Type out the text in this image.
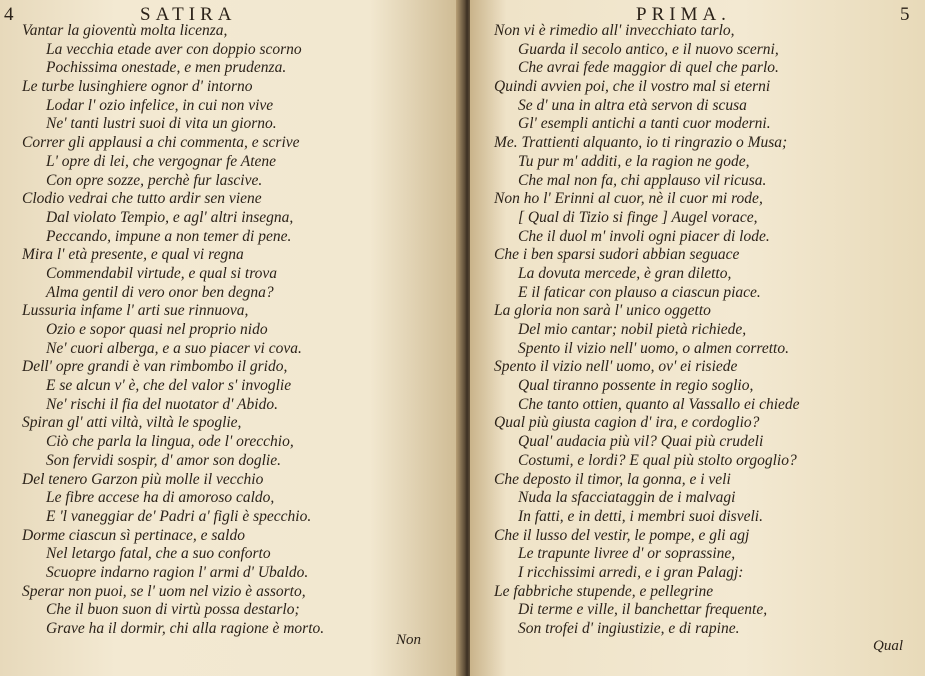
4	SATIRA
Vantar la gioventù molta licenza,
La vecchia etade aver con doppio scorno
Pochissima onestade, e men prudenza.
Le turbe lusinghiere ognor d' intorno
Lodar l' ozio infelice, in cui non vive
Ne' tanti lustri suoi di vita un giorno.
Correr gli applausi a chi commenta, e scrive
L' opre di lei, che vergognar fe Atene
Con opre sozze, perchè fur lascive.
Clodio vedrai che tutto ardir sen viene
Dal violato Tempio, e agl' altri insegna,
Peccando, impune a non temer di pene.
Mira l' età presente, e qual vi regna
Commendabil virtude, e qual si trova
Alma gentil di vero onor ben degna?
Lussuria infame l' arti sue rinnuova,
Ozio e sopor quasi nel proprio nido
Ne' cuori alberga, e a suo piacer vi cova.
Dell' opre grandi è van rimbombo il grido,
E se alcun v' è, che del valor s' invoglie
Ne' rischi il fia del nuotator d' Abido.
Spiran gl' atti viltà, viltà le spoglie,
Ciò che parla la lingua, ode l' orecchio,
Son fervidi sospir, d' amor son doglie.
Del tenero Garzon più molle il vecchio
Le fibre accese ha di amoroso caldo,
E 'l vaneggiar de' Padri a' figli è specchio.
Dorme ciascun sì pertinace, e saldo
Nel letargo fatal, che a suo conforto
Scuopre indarno ragion l' armi d' Ubaldo.
Sperar non puoi, se l' uom nel vizio è assorto,
Che il buon suon di virtù possa destarlo;
Grave ha il dormir, chi alla ragione è morto.
Non
PRIMA.	5
Non vi è rimedio all' invecchiato tarlo,
Guarda il secolo antico, e il nuovo scerni,
Che avrai fede maggior di quel che parlo.
Quindi avvien poi, che il vostro mal si eterni
Se d' una in altra età servon di scusa
Gl' esempli antichi a tanti cuor moderni.
Me. Trattienti alquanto, io ti ringrazio o Musa;
Tu pur m' additi, e la ragion ne gode,
Che mal non fa, chi applauso vil ricusa.
Non ho l' Erinni al cuor, nè il cuor mi rode,
[ Qual di Tizio si finge ] Augel vorace,
Che il duol m' involi ogni piacer di lode.
Che i ben sparsi sudori abbian seguace
La dovuta mercede, è gran diletto,
E il faticar con plauso a ciascun piace.
La gloria non sarà l' unico oggetto
Del mio cantar; nobil pietà richiede,
Spento il vizio nell' uomo, o almen corretto.
Spento il vizio nell' uomo, ov' ei risiede
Qual tiranno possente in regio soglio,
Che tanto ottien, quanto al Vassallo ei chiede
Qual più giusta cagion d' ira, e cordoglio?
Qual' audacia più vil? Quai più crudeli
Costumi, e lordi? E qual più stolto orgoglio?
Che deposto il timor, la gonna, e i veli
Nuda la sfacciataggin de i malvagi
In fatti, e in detti, i membri suoi disveli.
Che il lusso del vestir, le pompe, e gli agj
Le trapunte livree d' or soprassine,
I ricchissimi arredi, e i gran Palagj:
Le fabbriche stupende, e pellegrine
Di terme e ville, il banchettar frequente,
Son trofei d' ingiustizie, e di rapine.
Qual
